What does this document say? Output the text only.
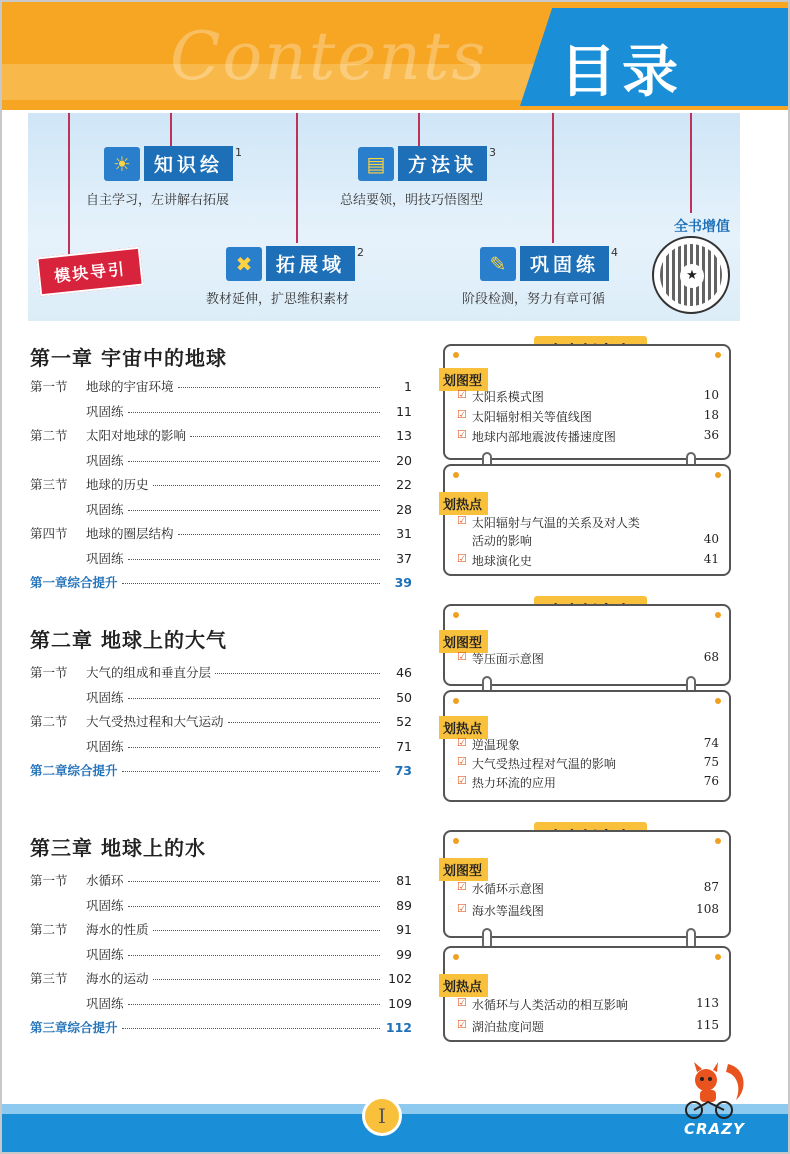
Contents 目录
☀	知识绘
1
自主学习，左讲解右拓展
▤	方法诀
3
总结要领，明技巧悟图型
✖	拓展域
2
教材延伸，扩思维积素材
✎	巩固练
4
阶段检测，努力有章可循
模块导引
全书增值
★
第一章 宇宙中的地球
第一节	地球的宇宙环境	1
巩固练	11
第二节	太阳对地球的影响	13
巩固练	20
第三节	地球的历史	22
巩固练	28
第四节	地球的圈层结构	31
巩固练	37
第一章综合提升	39
第二章 地球上的大气
第一节	大气的组成和垂直分层	46
巩固练	50
第二节	大气受热过程和大气运动	52
巩固练	71
第二章综合提升	73
第三章 地球上的水
第一节	水循环	81
巩固练	89
第二节	海水的性质	91
巩固练	99
第三节	海水的运动	102
巩固练	109
第三章综合提升	112
划图型
☑ 太阳系模式图	10
☑ 太阳辐射相关等值线图	18
☑ 地球内部地震波传播速度图	36
划热点
☑ 太阳辐射与气温的关系及对人类
活动的影响	40
☑ 地球演化史	41
划图型
☑ 等压面示意图	68
划热点
☑ 逆温现象	74
☑ 大气受热过程对气温的影响	75
☑ 热力环流的应用	76
划图型
☑ 水循环示意图	87
☑ 海水等温线图	108
划热点
☑ 水循环与人类活动的相互影响	113
☑ 湖泊盐度问题	115
I
CRAZY
